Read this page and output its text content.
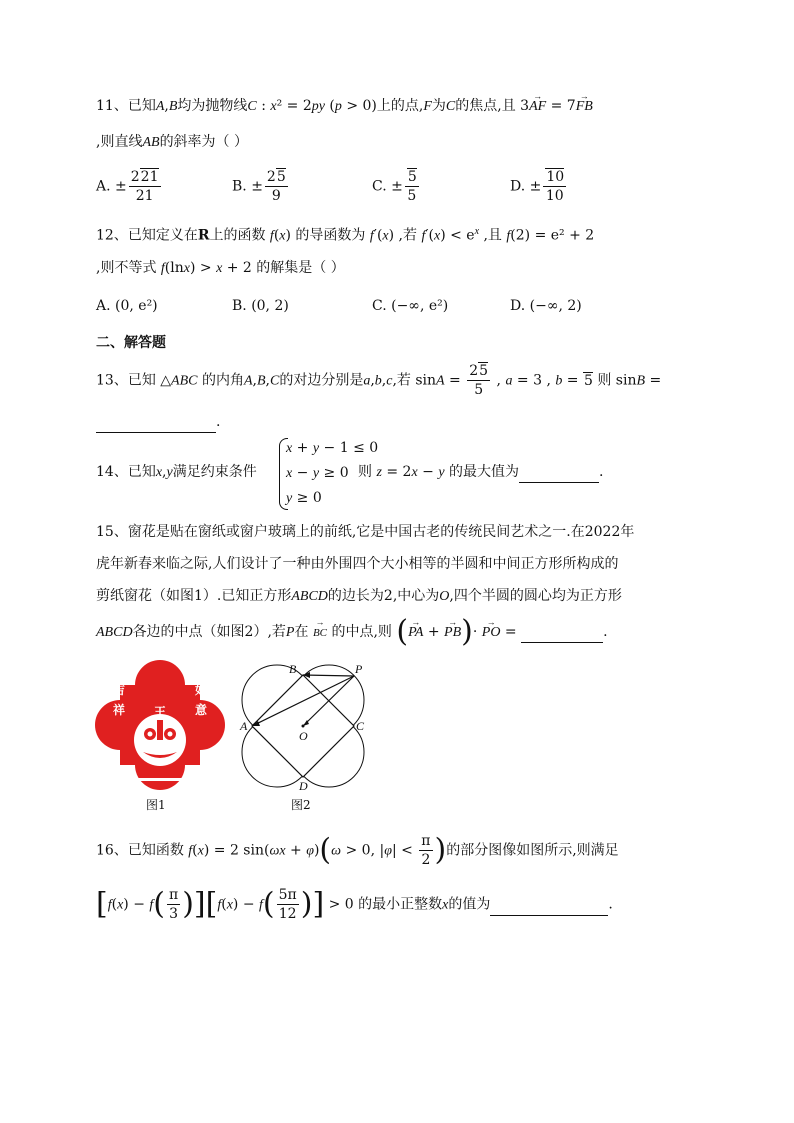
11、已知A,B均为抛物线C : x² = 2py (p > 0)上的点,F为C的焦点,且 3→ AF = 7→ FB
,则直线AB的斜率为（ ）
A. ± $\frac{221}{21}$	B. ± $\frac{25}{9}$	C. ± $\frac{5}{5}$	D. ± $\frac{10}{10}$
12、已知定义在R上的函数 f(x) 的导函数为 f′(x) ,若 $f'(x) < e^x$ ,且 f(2) = e² + 2
,则不等式 f(lnx) > x + 2 的解集是（ ）
A. (0, e²)	B. (0, 2)	C. (−∞, e²)	D. (−∞, 2)
二、解答题
13、已知 △ABC 的内角A,B,C的对边分别是a,b,c,若 $\sin A = \frac{25}{5}$ , a = 3 , b = 5 则 sinB =
.
14、已知x,y满足约束条件
x + y − 1 ≤ 0
x − y ≥ 0
y ≥ 0
则 z = 2x − y 的最大值为	.
15、窗花是贴在窗纸或窗户玻璃上的前纸,它是中国古老的传统民间艺术之一.在2022年
虎年新春来临之际,人们设计了一种由外围四个大小相等的半圆和中间正方形所构成的
剪纸窗花（如图1）.已知正方形ABCD的边长为2,中心为O,四个半圆的圆心均为正方形
ABCD各边的中点（如图2）,若P在 → BC 的中点,则 (→ PA + → PB)· → PO =	.
吉
祥
如
意
王
图1
B	P
A	C
O
D
图2
16、已知函数 f(x) = 2 sin(ωx + φ)(ω > 0, $|\varphi| < \frac{\pi}{2}$ )的部分图像如图所示,则满足
$[f(x) - f( \frac{\pi}{3} )][f(x) - f( \frac{5\pi}{12}$ )] > 0 的最小正整数x的值为	.
